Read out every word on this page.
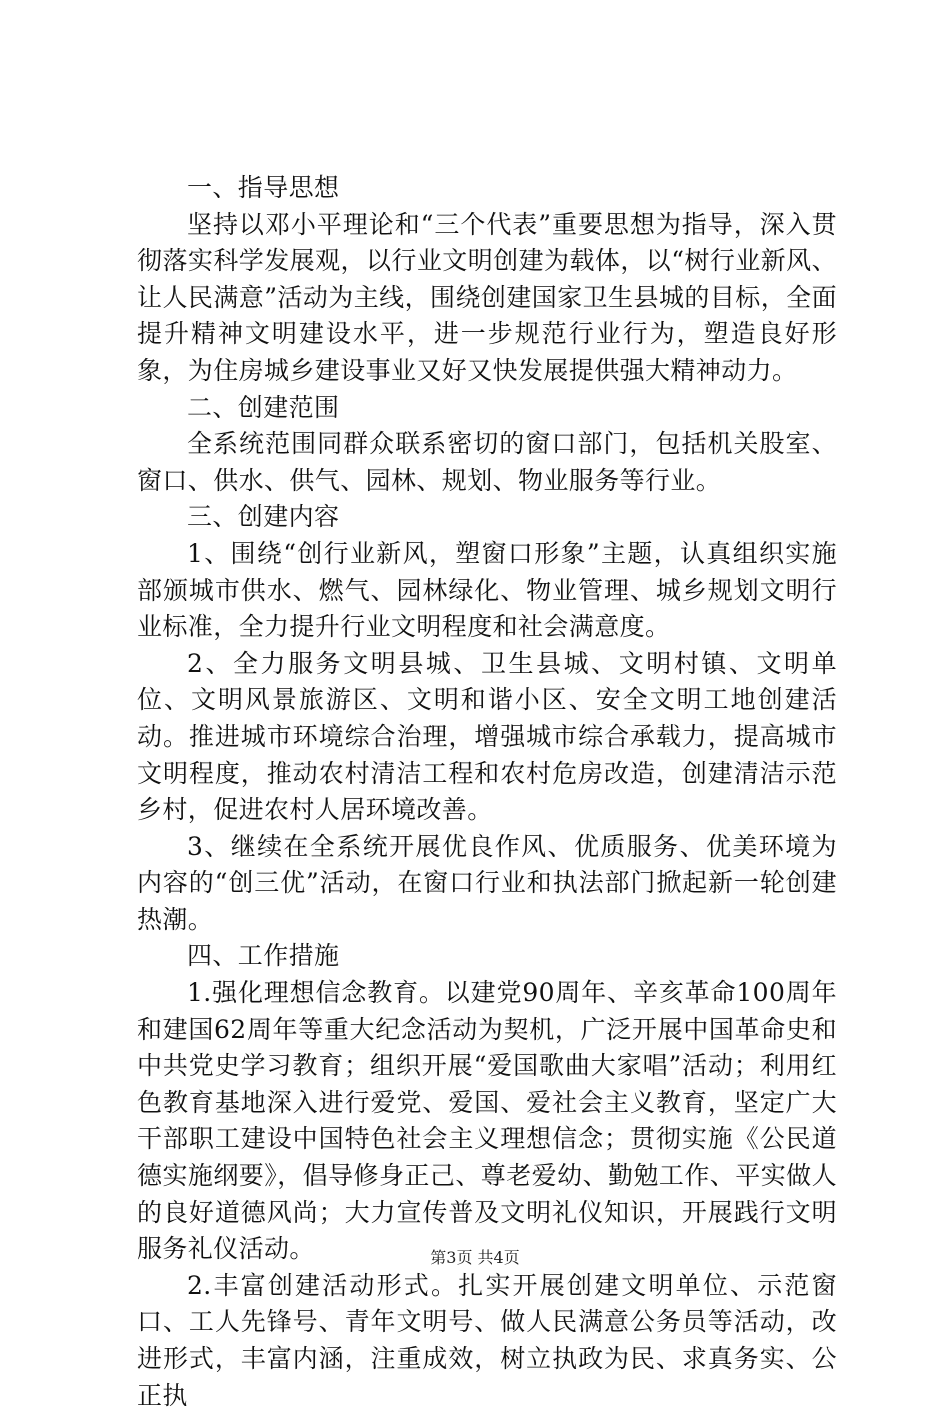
一、指导思想

坚持以邓小平理论和“三个代表”重要思想为指导，深入贯彻落实科学发展观，以行业文明创建为载体，以“树行业新风、让人民满意”活动为主线，围绕创建国家卫生县城的目标，全面提升精神文明建设水平，进一步规范行业行为，塑造良好形象，为住房城乡建设事业又好又快发展提供强大精神动力。

二、创建范围

全系统范围同群众联系密切的窗口部门，包括机关股室、窗口、供水、供气、园林、规划、物业服务等行业。

三、创建内容

1、围绕“创行业新风，塑窗口形象”主题，认真组织实施部颁城市供水、燃气、园林绿化、物业管理、城乡规划文明行业标准，全力提升行业文明程度和社会满意度。

2、全力服务文明县城、卫生县城、文明村镇、文明单位、文明风景旅游区、文明和谐小区、安全文明工地创建活动。推进城市环境综合治理，增强城市综合承载力，提高城市文明程度，推动农村清洁工程和农村危房改造，创建清洁示范乡村，促进农村人居环境改善。

3、继续在全系统开展优良作风、优质服务、优美环境为内容的“创三优”活动，在窗口行业和执法部门掀起新一轮创建热潮。

四、工作措施

1.强化理想信念教育。以建党90周年、辛亥革命100周年和建国62周年等重大纪念活动为契机，广泛开展中国革命史和中共党史学习教育；组织开展“爱国歌曲大家唱”活动；利用红色教育基地深入进行爱党、爱国、爱社会主义教育，坚定广大干部职工建设中国特色社会主义理想信念；贯彻实施《公民道德实施纲要》，倡导修身正己、尊老爱幼、勤勉工作、平实做人的良好道德风尚；大力宣传普及文明礼仪知识，开展践行文明服务礼仪活动。

2.丰富创建活动形式。扎实开展创建文明单位、示范窗口、工人先锋号、青年文明号、做人民满意公务员等活动，改进形式，丰富内涵，注重成效，树立执政为民、求真务实、公正执

第3页 共4页
